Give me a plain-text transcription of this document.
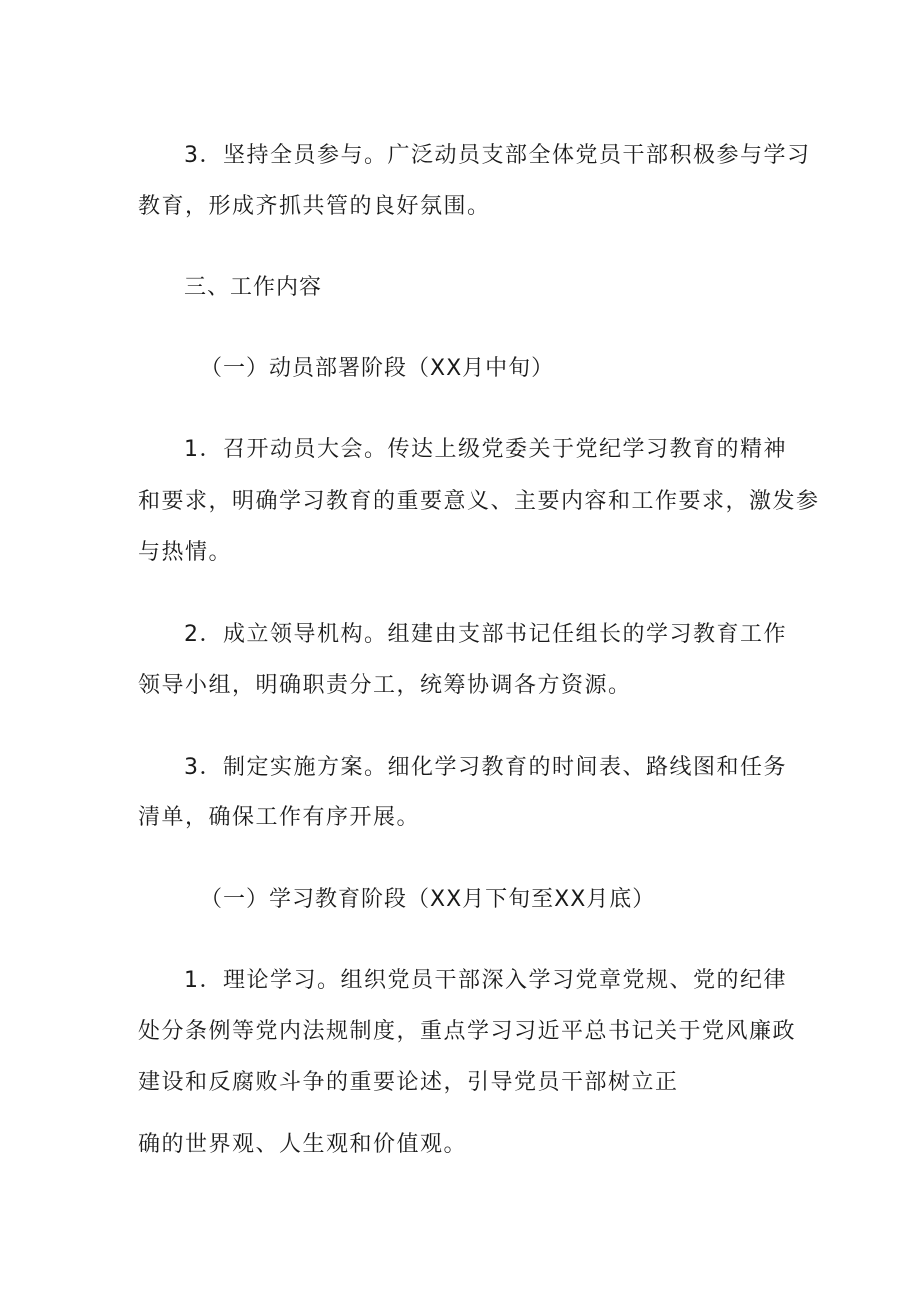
3．坚持全员参与。广泛动员支部全体党员干部积极参与学习
教育，形成齐抓共管的良好氛围。
三、工作内容
（一）动员部署阶段（XX月中旬）
1．召开动员大会。传达上级党委关于党纪学习教育的精神
和要求，明确学习教育的重要意义、主要内容和工作要求，激发参
与热情。
2．成立领导机构。组建由支部书记任组长的学习教育工作
领导小组，明确职责分工，统筹协调各方资源。
3．制定实施方案。细化学习教育的时间表、路线图和任务
清单，确保工作有序开展。
（一）学习教育阶段（XX月下旬至XX月底）
1．理论学习。组织党员干部深入学习党章党规、党的纪律
处分条例等党内法规制度，重点学习习近平总书记关于党风廉政
建设和反腐败斗争的重要论述，引导党员干部树立正
确的世界观、人生观和价值观。
